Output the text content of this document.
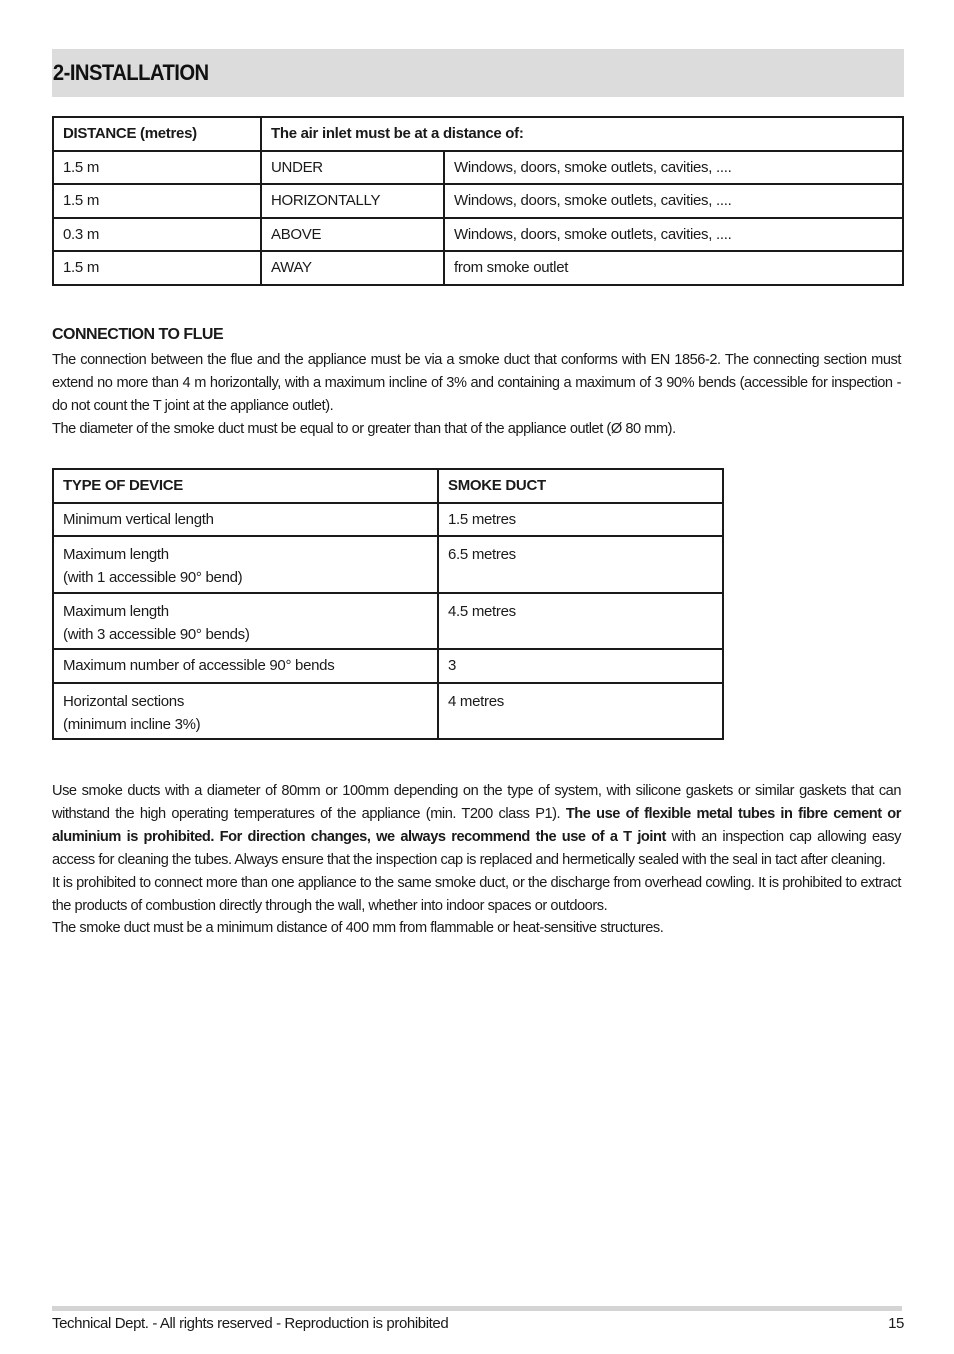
2-INSTALLATION
DISTANCE (metres)	The air inlet must be at a distance of:	
1.5 m	UNDER	Windows, doors, smoke outlets, cavities, ....
1.5 m	HORIZONTALLY	Windows, doors, smoke outlets, cavities, ....
0.3 m	ABOVE	Windows, doors, smoke outlets, cavities, ....
1.5 m	AWAY	from smoke outlet
CONNECTION TO FLUE

The connection between the flue and the appliance must be via a smoke duct that conforms with EN 1856-2. The connecting section must extend no more than 4 m horizontally, with a maximum incline of 3% and containing a maximum of 3 90% bends (accessible for inspection - do not count the T joint at the appliance outlet).

The diameter of the smoke duct must be equal to or greater than that of the appliance outlet (Ø 80 mm).

TYPE OF DEVICE	SMOKE DUCT
Minimum vertical length	1.5 metres
Maximum length
(with 1 accessible 90° bend)	6.5 metres
Maximum length
(with 3 accessible 90° bends)	4.5 metres
Maximum number of accessible 90° bends	3
Horizontal sections
(minimum incline 3%)	4 metres

Use smoke ducts with a diameter of 80mm or 100mm depending on the type of system, with silicone gaskets or similar gaskets that can withstand the high operating temperatures of the appliance (min. T200 class P1). The use of flexible metal tubes in fibre cement or aluminium is prohibited. For direction changes, we always recommend the use of a T joint with an inspection cap allowing easy access for cleaning the tubes. Always ensure that the inspection cap is replaced and hermetically sealed with the seal in tact after cleaning.

It is prohibited to connect more than one appliance to the same smoke duct, or the discharge from overhead cowling. It is prohibited to extract the products of combustion directly through the wall, whether into indoor spaces or outdoors.

The smoke duct must be a minimum distance of 400 mm from flammable or heat-sensitive structures.

Technical Dept. - All rights reserved - Reproduction is prohibited	15
